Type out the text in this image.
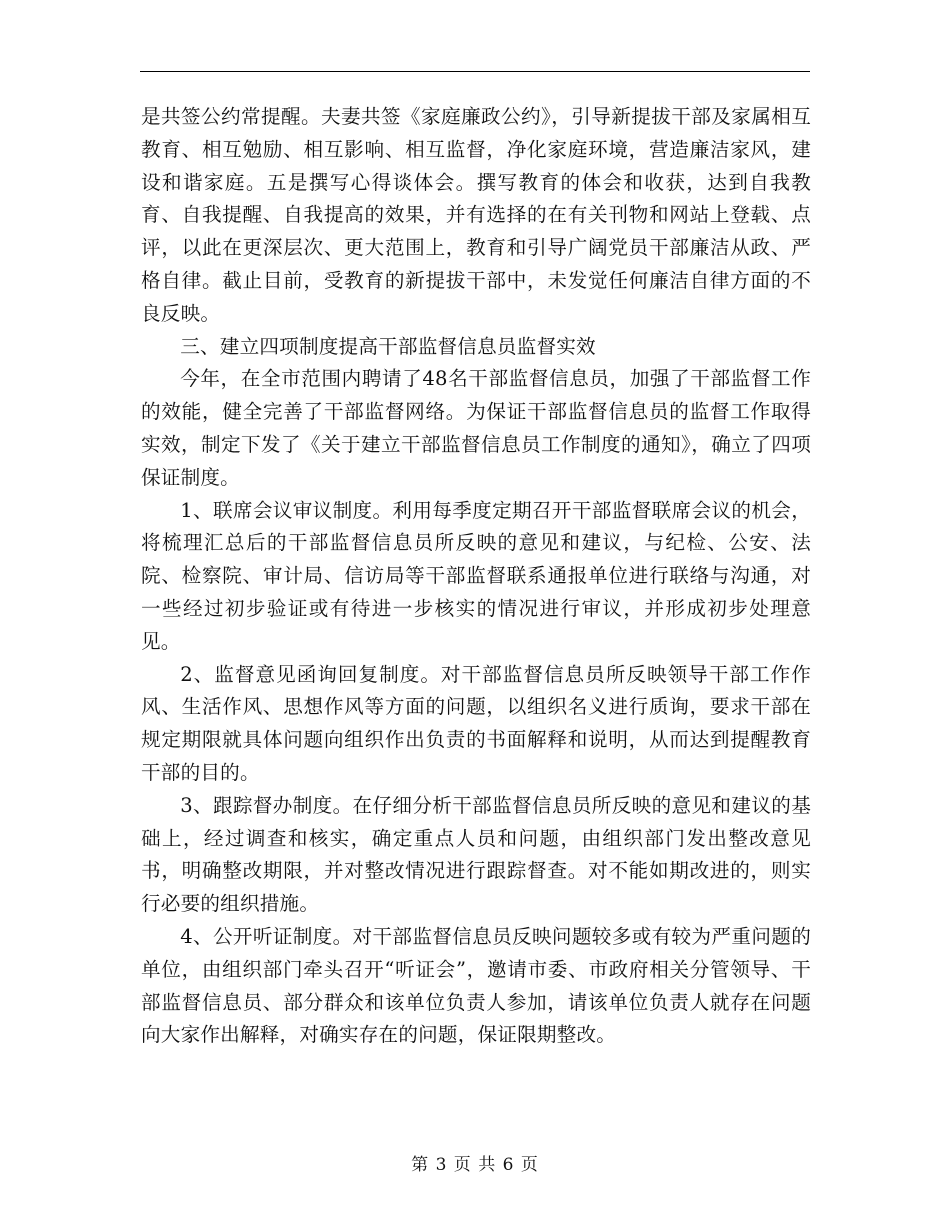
是共签公约常提醒。夫妻共签《家庭廉政公约》，引导新提拔干部及家属相互教育、相互勉励、相互影响、相互监督，净化家庭环境，营造廉洁家风，建设和谐家庭。五是撰写心得谈体会。撰写教育的体会和收获，达到自我教育、自我提醒、自我提高的效果，并有选择的在有关刊物和网站上登载、点评，以此在更深层次、更大范围上，教育和引导广阔党员干部廉洁从政、严格自律。截止目前，受教育的新提拔干部中，未发觉任何廉洁自律方面的不良反映。

三、建立四项制度提高干部监督信息员监督实效

今年，在全市范围内聘请了48名干部监督信息员，加强了干部监督工作的效能，健全完善了干部监督网络。为保证干部监督信息员的监督工作取得实效，制定下发了《关于建立干部监督信息员工作制度的通知》，确立了四项保证制度。

1、联席会议审议制度。利用每季度定期召开干部监督联席会议的机会，将梳理汇总后的干部监督信息员所反映的意见和建议，与纪检、公安、法院、检察院、审计局、信访局等干部监督联系通报单位进行联络与沟通，对一些经过初步验证或有待进一步核实的情况进行审议，并形成初步处理意见。

2、监督意见函询回复制度。对干部监督信息员所反映领导干部工作作风、生活作风、思想作风等方面的问题，以组织名义进行质询，要求干部在规定期限就具体问题向组织作出负责的书面解释和说明，从而达到提醒教育干部的目的。

3、跟踪督办制度。在仔细分析干部监督信息员所反映的意见和建议的基础上，经过调查和核实，确定重点人员和问题，由组织部门发出整改意见书，明确整改期限，并对整改情况进行跟踪督查。对不能如期改进的，则实行必要的组织措施。

4、公开听证制度。对干部监督信息员反映问题较多或有较为严重问题的单位，由组织部门牵头召开“听证会”，邀请市委、市政府相关分管领导、干部监督信息员、部分群众和该单位负责人参加，请该单位负责人就存在问题向大家作出解释，对确实存在的问题，保证限期整改。

第 3 页 共 6 页
